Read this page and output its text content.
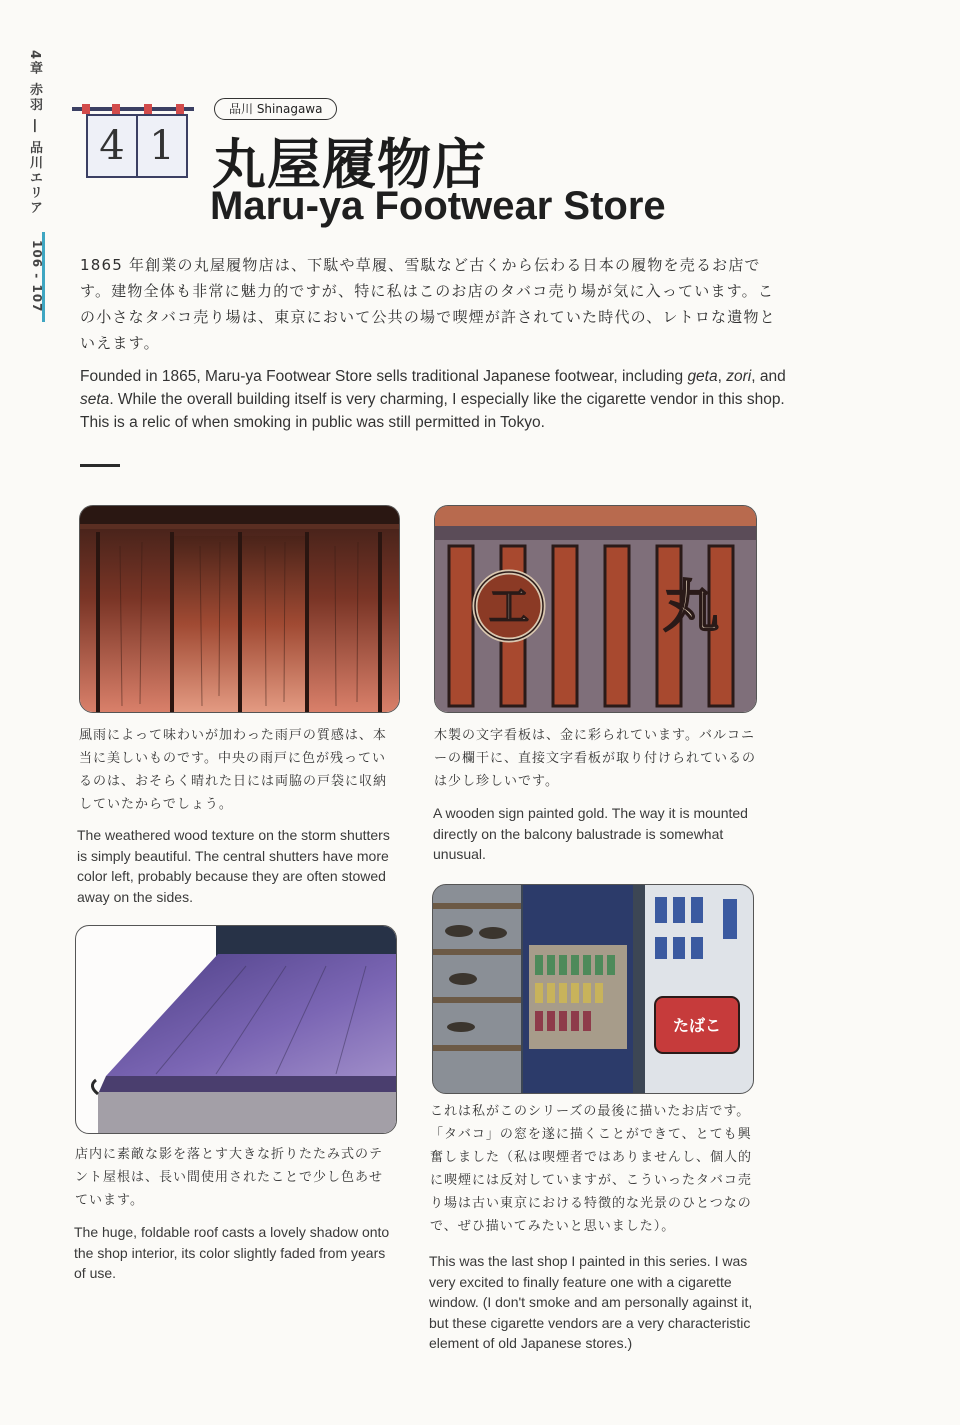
4章 赤羽 ― 品川エリア
106 - 107
4 1
品川 Shinagawa
丸屋履物店
Maru-ya Footwear Store
1865 年創業の丸屋履物店は、下駄や草履、雪駄など古くから伝わる日本の履物を売るお店です。建物全体も非常に魅力的ですが、特に私はこのお店のタバコ売り場が気に入っています。この小さなタバコ売り場は、東京において公共の場で喫煙が許されていた時代の、レトロな遺物といえます。
Founded in 1865, Maru-ya Footwear Store sells traditional Japanese footwear, including geta, zori, and seta. While the overall building itself is very charming, I especially like the cigarette vendor in this shop. This is a relic of when smoking in public was still permitted in Tokyo.
風雨によって味わいが加わった雨戸の質感は、本当に美しいものです。中央の雨戸に色が残っているのは、おそらく晴れた日には両脇の戸袋に収納していたからでしょう。
The weathered wood texture on the storm shutters is simply beautiful. The central shutters have more color left, probably because they are often stowed away on the sides.
工 丸
木製の文字看板は、金に彩られています。バルコニーの欄干に、直接文字看板が取り付けられているのは少し珍しいです。
A wooden sign painted gold. The way it is mounted directly on the balcony balustrade is somewhat unusual.
店内に素敵な影を落とす大きな折りたたみ式のテント屋根は、長い間使用されたことで少し色あせています。
The huge, foldable roof casts a lovely shadow onto the shop interior, its color slightly faded from years of use.
たばこ
これは私がこのシリーズの最後に描いたお店です。「タバコ」の窓を遂に描くことができて、とても興奮しました（私は喫煙者ではありませんし、個人的に喫煙には反対していますが、こういったタバコ売り場は古い東京における特徴的な光景のひとつなので、ぜひ描いてみたいと思いました）。
This was the last shop I painted in this series. I was very excited to finally feature one with a cigarette window. (I don't smoke and am personally against it, but these cigarette vendors are a very characteristic element of old Japanese stores.)
